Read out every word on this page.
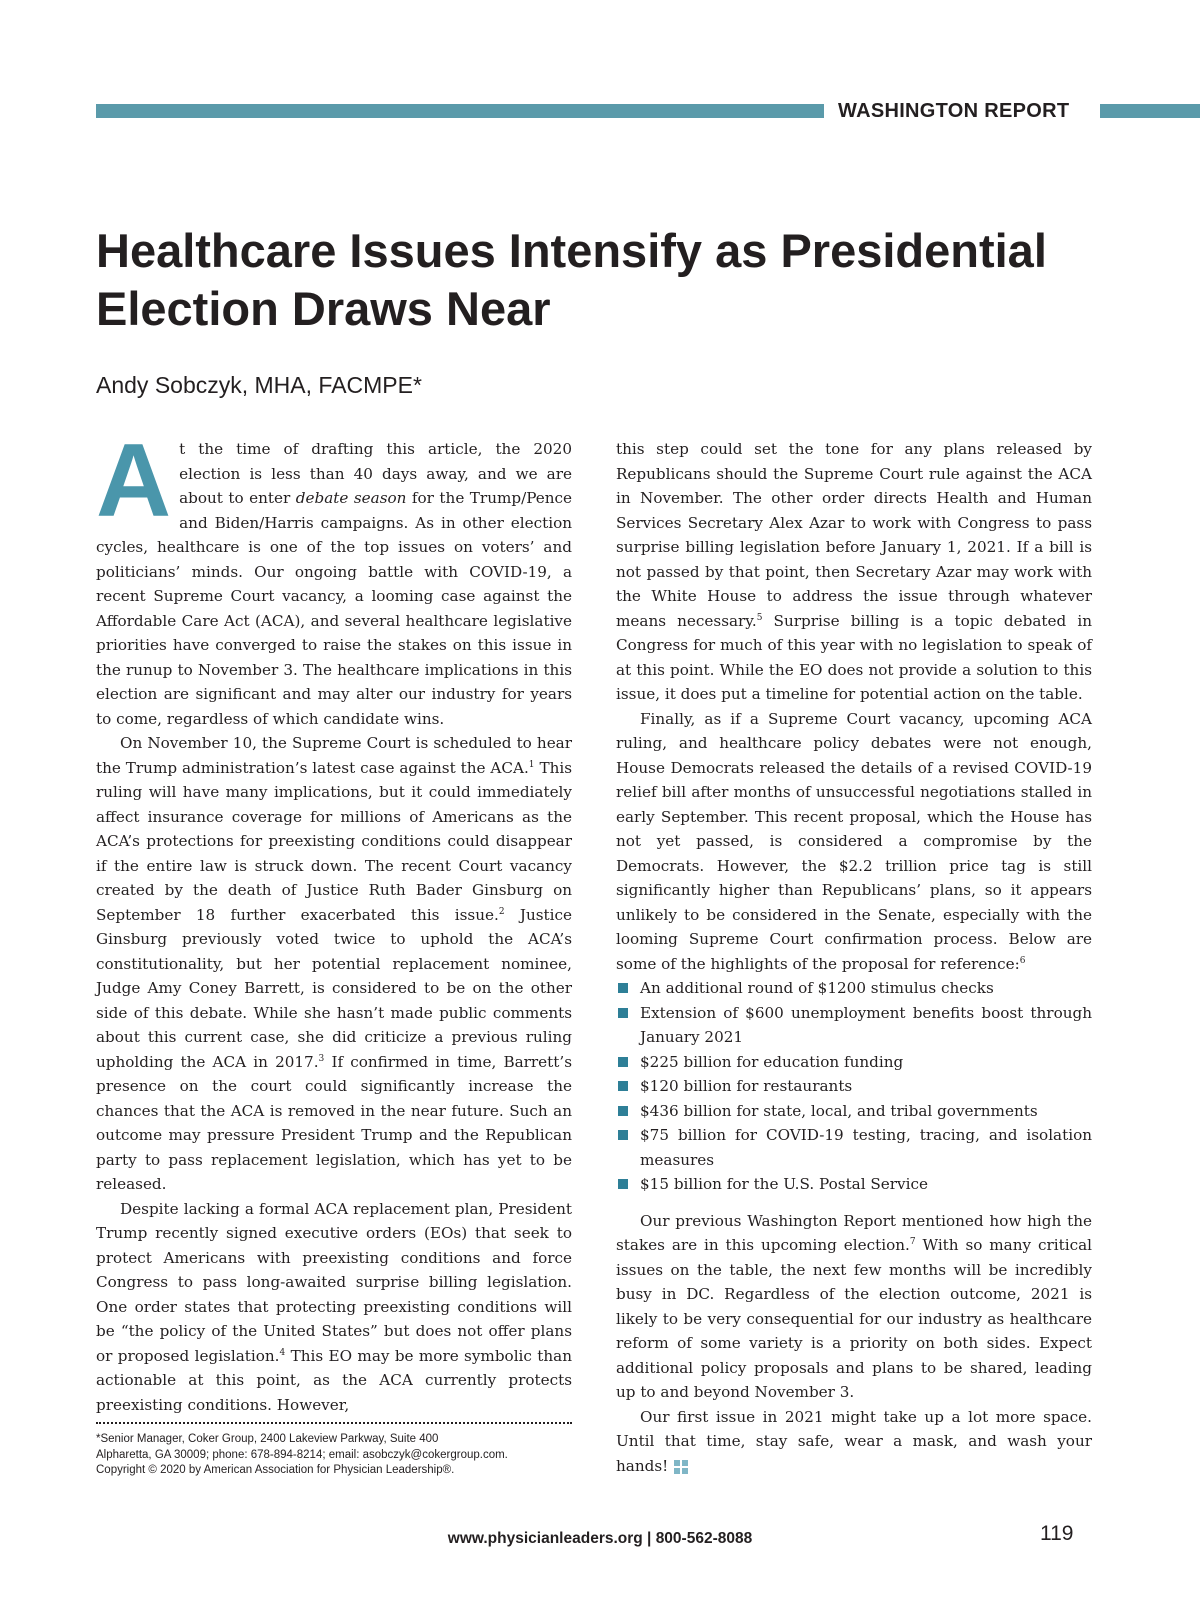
WASHINGTON REPORT
Healthcare Issues Intensify as Presidential Election Draws Near
Andy Sobczyk, MHA, FACMPE*

At the time of drafting this article, the 2020 election is less than 40 days away, and we are about to enter debate season for the Trump/Pence and Biden/Harris campaigns. As in other election cycles, healthcare is one of the top issues on voters’ and politicians’ minds. Our ongoing battle with COVID-19, a recent Supreme Court vacancy, a looming case against the Affordable Care Act (ACA), and several healthcare legislative priorities have converged to raise the stakes on this issue in the runup to November 3. The healthcare implications in this election are significant and may alter our industry for years to come, regardless of which candidate wins.

On November 10, the Supreme Court is scheduled to hear the Trump administration’s latest case against the ACA.$^1$ This ruling will have many implications, but it could immediately affect insurance coverage for millions of Americans as the ACA’s protections for preexisting conditions could disappear if the entire law is struck down. The recent Court vacancy created by the death of Justice Ruth Bader Ginsburg on September 18 further exacerbated this issue.$^2$ Justice Ginsburg previously voted twice to uphold the ACA’s constitutionality, but her potential replacement nominee, Judge Amy Coney Barrett, is considered to be on the other side of this debate. While she hasn’t made public comments about this current case, she did criticize a previous ruling upholding the ACA in 2017.$^3$ If confirmed in time, Barrett’s presence on the court could significantly increase the chances that the ACA is removed in the near future. Such an outcome may pressure President Trump and the Republican party to pass replacement legislation, which has yet to be released.

Despite lacking a formal ACA replacement plan, President Trump recently signed executive orders (EOs) that seek to protect Americans with preexisting conditions and force Congress to pass long-awaited surprise billing legislation. One order states that protecting preexisting conditions will be “the policy of the United States” but does not offer plans or proposed legislation.$^4$ This EO may be more symbolic than actionable at this point, as the ACA currently protects preexisting conditions. However,

this step could set the tone for any plans released by Republicans should the Supreme Court rule against the ACA in November. The other order directs Health and Human Services Secretary Alex Azar to work with Congress to pass surprise billing legislation before January 1, 2021. If a bill is not passed by that point, then Secretary Azar may work with the White House to address the issue through whatever means necessary.$^5$ Surprise billing is a topic debated in Congress for much of this year with no legislation to speak of at this point. While the EO does not provide a solution to this issue, it does put a timeline for potential action on the table.

Finally, as if a Supreme Court vacancy, upcoming ACA ruling, and healthcare policy debates were not enough, House Democrats released the details of a revised COVID-19 relief bill after months of unsuccessful negotiations stalled in early September. This recent proposal, which the House has not yet passed, is considered a compromise by the Democrats. However, the $2.2 trillion price tag is still significantly higher than Republicans’ plans, so it appears unlikely to be considered in the Senate, especially with the looming Supreme Court confirmation process. Below are some of the highlights of the proposal for reference:$^6$

An additional round of $1200 stimulus checks
Extension of $600 unemployment benefits boost through January 2021
$225 billion for education funding
$120 billion for restaurants
$436 billion for state, local, and tribal governments
$75 billion for COVID-19 testing, tracing, and isolation measures
$15 billion for the U.S. Postal Service

Our previous Washington Report mentioned how high the stakes are in this upcoming election.$^7$ With so many critical issues on the table, the next few months will be incredibly busy in DC. Regardless of the election outcome, 2021 is likely to be very consequential for our industry as healthcare reform of some variety is a priority on both sides. Expect additional policy proposals and plans to be shared, leading up to and beyond November 3.

Our first issue in 2021 might take up a lot more space. Until that time, stay safe, wear a mask, and wash your hands!

*Senior Manager, Coker Group, 2400 Lakeview Parkway, Suite 400
Alpharetta, GA 30009; phone: 678-894-8214; email: asobczyk@cokergroup.com.
Copyright © 2020 by American Association for Physician Leadership®.
www.physicianleaders.org | 800-562-8088	119
